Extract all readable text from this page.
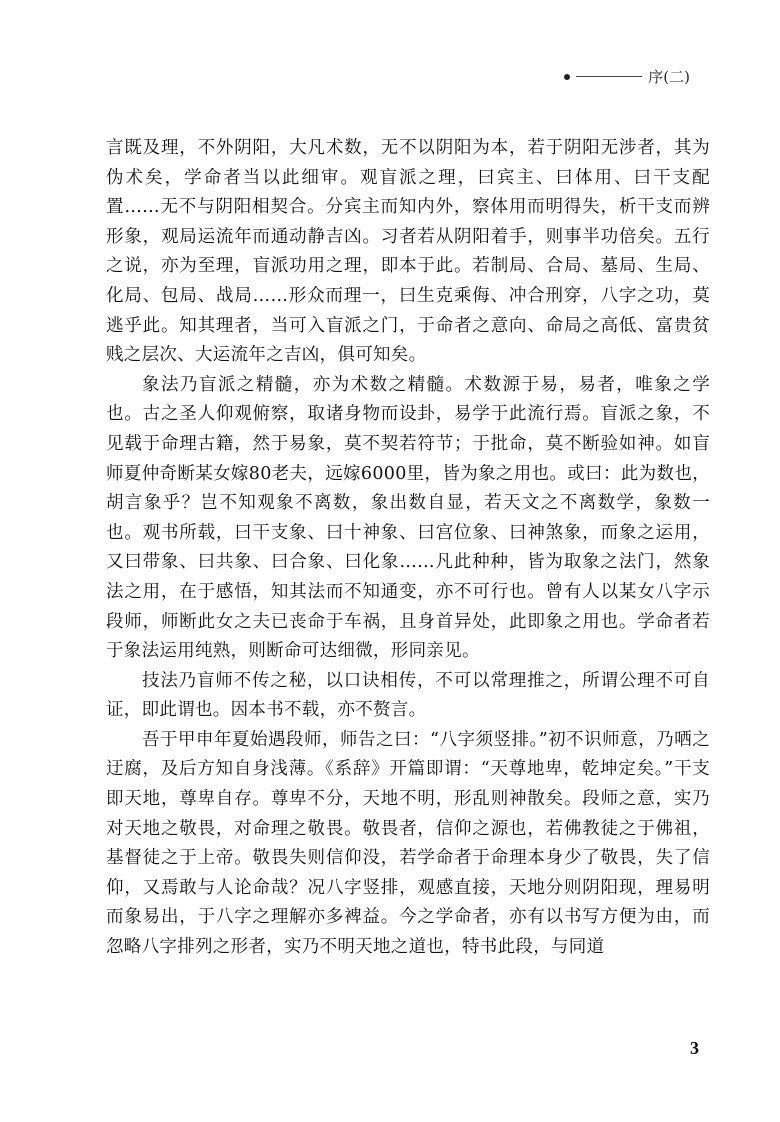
序(二)

言既及理，不外阴阳，大凡术数，无不以阴阳为本，若于阴阳无涉者，其为伪术矣，学命者当以此细审。观盲派之理，曰宾主、曰体用、曰干支配置……无不与阴阳相契合。分宾主而知内外，察体用而明得失，析干支而辨形象，观局运流年而通动静吉凶。习者若从阴阳着手，则事半功倍矣。五行之说，亦为至理，盲派功用之理，即本于此。若制局、合局、墓局、生局、化局、包局、战局……形众而理一，曰生克乘侮、冲合刑穿，八字之功，莫逃乎此。知其理者，当可入盲派之门，于命者之意向、命局之高低、富贵贫贱之层次、大运流年之吉凶，俱可知矣。

象法乃盲派之精髓，亦为术数之精髓。术数源于易，易者，唯象之学也。古之圣人仰观俯察，取诸身物而设卦，易学于此流行焉。盲派之象，不见载于命理古籍，然于易象，莫不契若符节；于批命，莫不断验如神。如盲师夏仲奇断某女嫁80老夫，远嫁6000里，皆为象之用也。或曰：此为数也，胡言象乎？岂不知观象不离数，象出数自显，若天文之不离数学，象数一也。观书所载，曰干支象、曰十神象、曰宫位象、曰神煞象，而象之运用，又曰带象、曰共象、曰合象、曰化象……凡此种种，皆为取象之法门，然象法之用，在于感悟，知其法而不知通变，亦不可行也。曾有人以某女八字示段师，师断此女之夫已丧命于车祸，且身首异处，此即象之用也。学命者若于象法运用纯熟，则断命可达细微，形同亲见。

技法乃盲师不传之秘，以口诀相传，不可以常理推之，所谓公理不可自证，即此谓也。因本书不载，亦不赘言。

吾于甲申年夏始遇段师，师告之曰：“八字须竖排。”初不识师意，乃哂之迂腐，及后方知自身浅薄。《系辞》开篇即谓：“天尊地卑，乾坤定矣。”干支即天地，尊卑自存。尊卑不分，天地不明，形乱则神散矣。段师之意，实乃对天地之敬畏，对命理之敬畏。敬畏者，信仰之源也，若佛教徒之于佛祖，基督徒之于上帝。敬畏失则信仰没，若学命者于命理本身少了敬畏，失了信仰，又焉敢与人论命哉？况八字竖排，观感直接，天地分则阴阳现，理易明而象易出，于八字之理解亦多裨益。今之学命者，亦有以书写方便为由，而忽略八字排列之形者，实乃不明天地之道也，特书此段，与同道

3
